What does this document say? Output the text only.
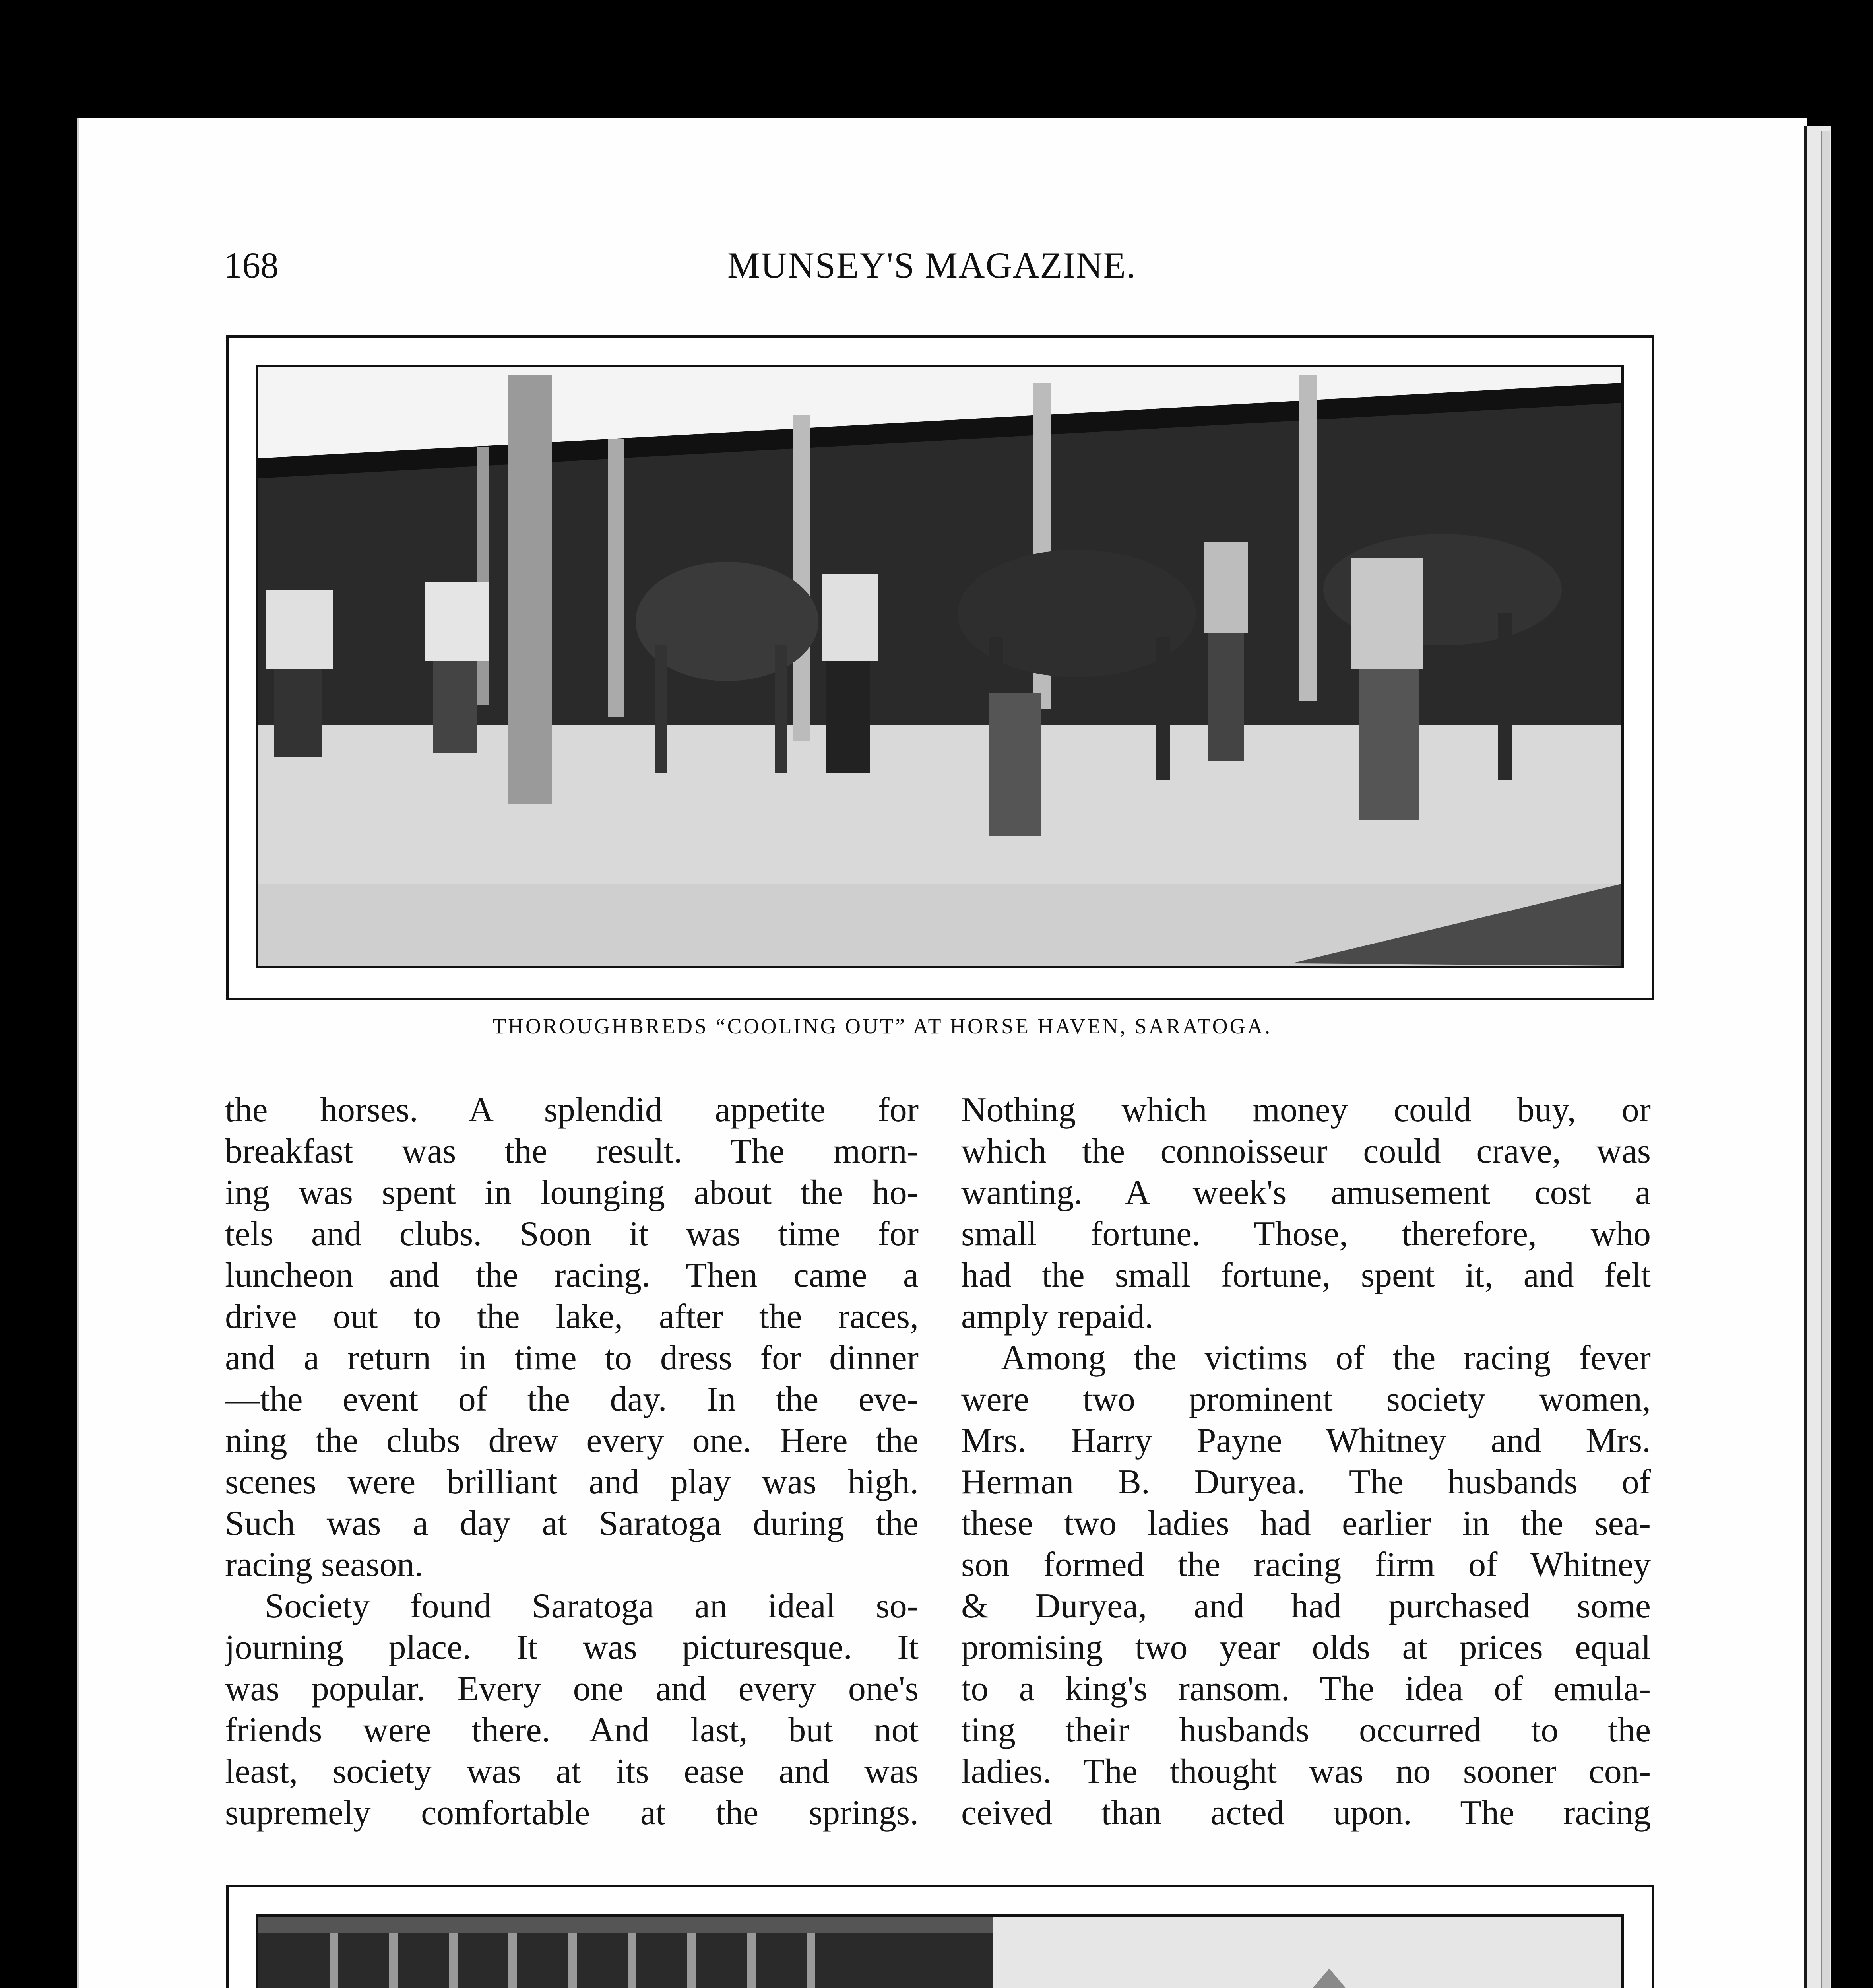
168	MUNSEY'S MAGAZINE.
THOROUGHBREDS “COOLING OUT” AT HORSE HAVEN, SARATOGA.
the horses. A splendid appetite for
breakfast was the result. The morn-
ing was spent in lounging about the ho-
tels and clubs. Soon it was time for
luncheon and the racing. Then came a
drive out to the lake, after the races,
and a return in time to dress for dinner
—the event of the day. In the eve-
ning the clubs drew every one. Here the
scenes were brilliant and play was high.
Such was a day at Saratoga during the
racing season.
Society found Saratoga an ideal so-
journing place. It was picturesque. It
was popular. Every one and every one's
friends were there. And last, but not
least, society was at its ease and was
supremely comfortable at the springs.
Nothing which money could buy, or
which the connoisseur could crave, was
wanting. A week's amusement cost a
small fortune. Those, therefore, who
had the small fortune, spent it, and felt
amply repaid.
Among the victims of the racing fever
were two prominent society women,
Mrs. Harry Payne Whitney and Mrs.
Herman B. Duryea. The husbands of
these two ladies had earlier in the sea-
son formed the racing firm of Whitney
& Duryea, and had purchased some
promising two year olds at prices equal
to a king's ransom. The idea of emula-
ting their husbands occurred to the
ladies. The thought was no sooner con-
ceived than acted upon. The racing
